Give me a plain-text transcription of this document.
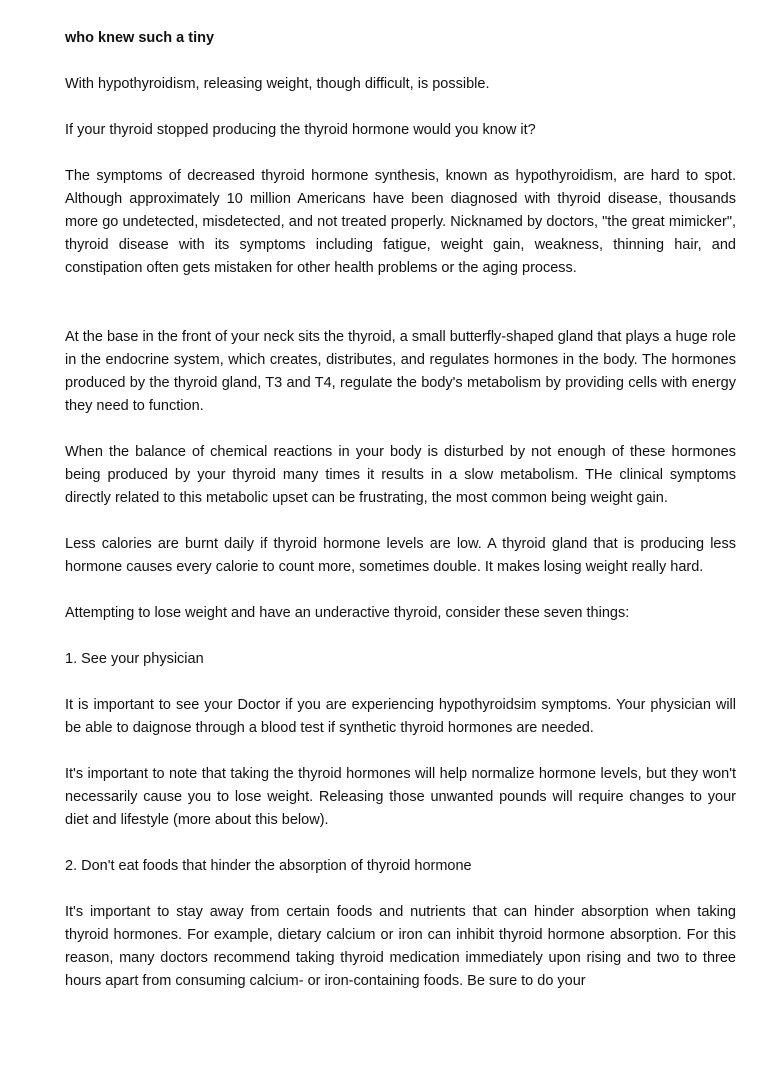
who knew such a tiny

With hypothyroidism, releasing weight, though difficult, is possible.

If your thyroid stopped producing the thyroid hormone would you know it?

The symptoms of decreased thyroid hormone synthesis, known as hypothyroidism, are hard to spot. Although approximately 10 million Americans have been diagnosed with thyroid disease, thousands more go undetected, misdetected, and not treated properly. Nicknamed by doctors, "the great mimicker", thyroid disease with its symptoms including fatigue, weight gain, weakness, thinning hair, and constipation often gets mistaken for other health problems or the aging process.

At the base in the front of your neck sits the thyroid, a small butterfly-shaped gland that plays a huge role in the endocrine system, which creates, distributes, and regulates hormones in the body. The hormones produced by the thyroid gland, T3 and T4, regulate the body's metabolism by providing cells with energy they need to function.

When the balance of chemical reactions in your body is disturbed by not enough of these hormones being produced by your thyroid many times it results in a slow metabolism. THe clinical symptoms directly related to this metabolic upset can be frustrating, the most common being weight gain.

Less calories are burnt daily if thyroid hormone levels are low. A thyroid gland that is producing less hormone causes every calorie to count more, sometimes double. It makes losing weight really hard.

Attempting to lose weight and have an underactive thyroid, consider these seven things:

1. See your physician

It is important to see your Doctor if you are experiencing hypothyroidsim symptoms. Your physician will be able to daignose through a blood test if synthetic thyroid hormones are needed.

It's important to note that taking the thyroid hormones will help normalize hormone levels, but they won't necessarily cause you to lose weight. Releasing those unwanted pounds will require changes to your diet and lifestyle (more about this below).

2. Don't eat foods that hinder the absorption of thyroid hormone

It's important to stay away from certain foods and nutrients that can hinder absorption when taking thyroid hormones. For example, dietary calcium or iron can inhibit thyroid hormone absorption. For this reason, many doctors recommend taking thyroid medication immediately upon rising and two to three hours apart from consuming calcium- or iron-containing foods. Be sure to do your
